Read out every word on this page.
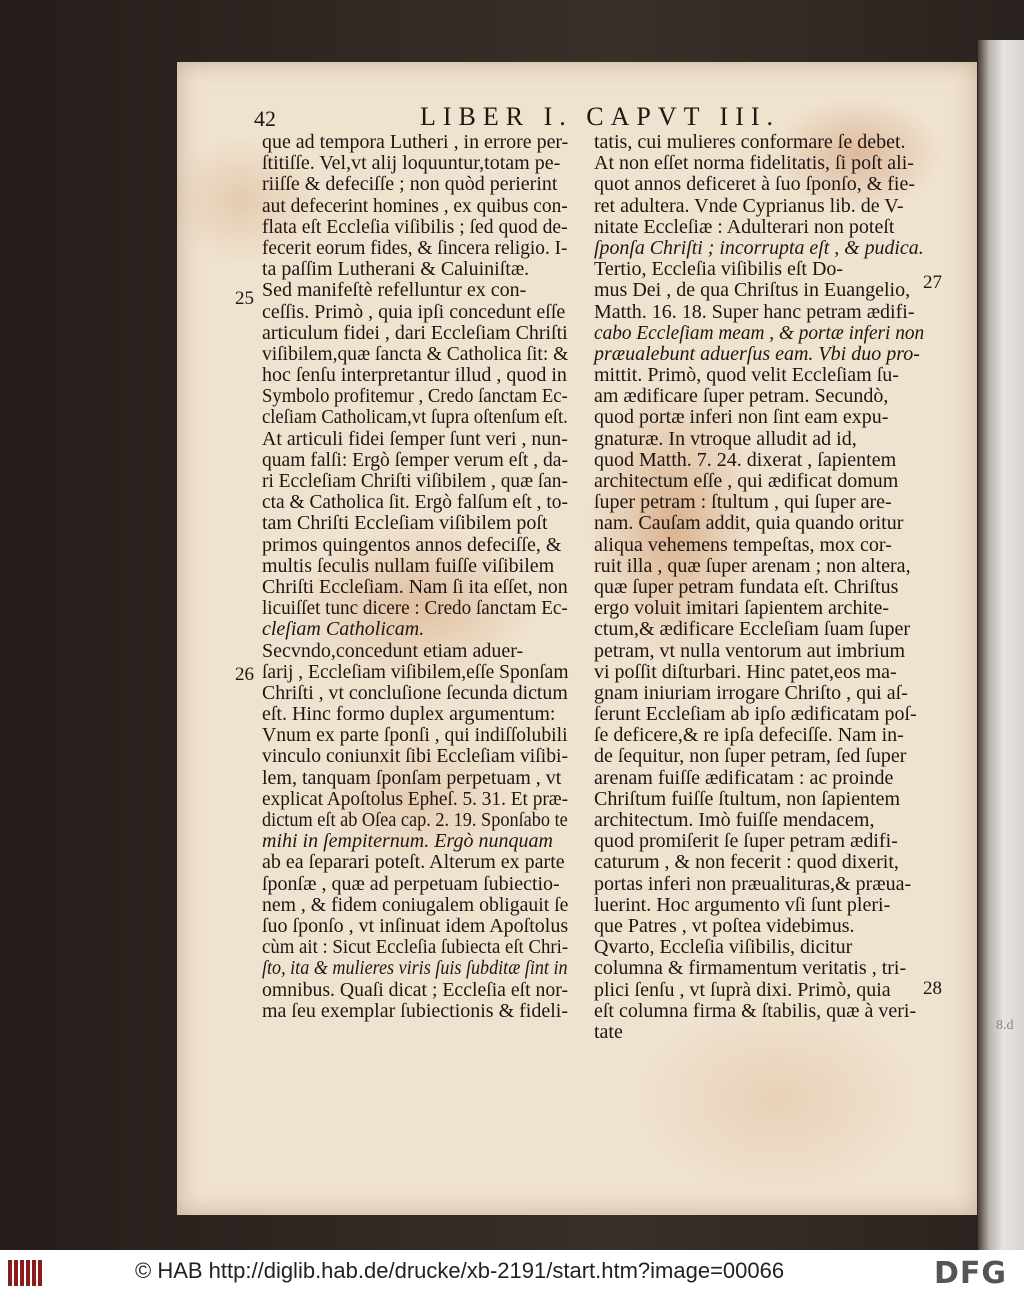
8.d
42	LIBER I. CAPVT III.
que ad tempora Lutheri , in errore per-
ſtitiſſe. Vel,vt alij loquuntur,totam pe-
riiſſe & defeciſſe ; non quòd perierint
aut defecerint homines , ex quibus con-
flata eſt Eccleſia viſibilis ; ſed quod de-
fecerit eorum fides, & ſincera religio. I-
ta paſſim Lutherani & Caluiniſtæ.
Sed manifeſtè refelluntur ex con-
ceſſis. Primò , quia ipſi concedunt eſſe
articulum fidei , dari Eccleſiam Chriſti
viſibilem,quæ ſancta & Catholica ſit: &
hoc ſenſu interpretantur illud , quod in
Symbolo profitemur , Credo ſanctam Ec-
cleſiam Catholicam,vt ſupra oſtenſum eſt.
At articuli fidei ſemper ſunt veri , nun-
quam falſi: Ergò ſemper verum eſt , da-
ri Eccleſiam Chriſti viſibilem , quæ ſan-
cta & Catholica ſit. Ergò falſum eſt , to-
tam Chriſti Eccleſiam viſibilem poſt
primos quingentos annos defeciſſe, &
multis ſeculis nullam fuiſſe viſibilem
Chriſti Eccleſiam. Nam ſi ita eſſet, non
licuiſſet tunc dicere : Credo ſanctam Ec-
cleſiam Catholicam.
Secvndo,concedunt etiam aduer-
ſarij , Eccleſiam viſibilem,eſſe Sponſam
Chriſti , vt concluſione ſecunda dictum
eſt. Hinc formo duplex argumentum:
Vnum ex parte ſponſi , qui indiſſolubili
vinculo coniunxit ſibi Eccleſiam viſibi-
lem, tanquam ſponſam perpetuam , vt
explicat Apoſtolus Epheſ. 5. 31. Et præ-
dictum eſt ab Oſea cap. 2. 19. Sponſabo te
mihi in ſempiternum. Ergò nunquam
ab ea ſeparari poteſt. Alterum ex parte
ſponſæ , quæ ad perpetuam ſubiectio-
nem , & fidem coniugalem obligauit ſe
ſuo ſponſo , vt inſinuat idem Apoſtolus
cùm ait : Sicut Eccleſia ſubiecta eſt Chri-
ſto, ita & mulieres viris ſuis ſubditæ ſint in
omnibus. Quaſi dicat ; Eccleſia eſt nor-
ma ſeu exemplar ſubiectionis & fideli-
tatis, cui mulieres conformare ſe debet.
At non eſſet norma fidelitatis, ſi poſt ali-
quot annos deficeret à ſuo ſponſo, & fie-
ret adultera. Vnde Cyprianus lib. de V-
nitate Eccleſiæ : Adulterari non poteſt
ſponſa Chriſti ; incorrupta eſt , & pudica.
Tertio, Eccleſia viſibilis eſt Do-
mus Dei , de qua Chriſtus in Euangelio,
Matth. 16. 18. Super hanc petram ædifi-
cabo Eccleſiam meam , & portæ inferi non
præualebunt aduerſus eam. Vbi duo pro-
mittit. Primò, quod velit Eccleſiam ſu-
am ædificare ſuper petram. Secundò,
quod portæ inferi non ſint eam expu-
gnaturæ. In vtroque alludit ad id,
quod Matth. 7. 24. dixerat , ſapientem
architectum eſſe , qui ædificat domum
ſuper petram : ſtultum , qui ſuper are-
nam. Cauſam addit, quia quando oritur
aliqua vehemens tempeſtas, mox cor-
ruit illa , quæ ſuper arenam ; non altera,
quæ ſuper petram fundata eſt. Chriſtus
ergo voluit imitari ſapientem archite-
ctum,& ædificare Eccleſiam ſuam ſuper
petram, vt nulla ventorum aut imbrium
vi poſſit diſturbari. Hinc patet,eos ma-
gnam iniuriam irrogare Chriſto , qui aſ-
ſerunt Eccleſiam ab ipſo ædificatam poſ-
ſe deficere,& re ipſa defeciſſe. Nam in-
de ſequitur, non ſuper petram, ſed ſuper
arenam fuiſſe ædificatam : ac proinde
Chriſtum fuiſſe ſtultum, non ſapientem
architectum. Imò fuiſſe mendacem,
quod promiſerit ſe ſuper petram ædifi-
caturum , & non fecerit : quod dixerit,
portas inferi non præualituras,& præua-
luerint. Hoc argumento vſi ſunt pleri-
que Patres , vt poſtea videbimus.
Qvarto, Eccleſia viſibilis, dicitur
columna & firmamentum veritatis , tri-
plici ſenſu , vt ſuprà dixi. Primò, quia
eſt columna firma & ſtabilis, quæ à veri-
tate
25
26
27
28
© HAB http://diglib.hab.de/drucke/xb-2191/start.htm?image=00066	DFG
